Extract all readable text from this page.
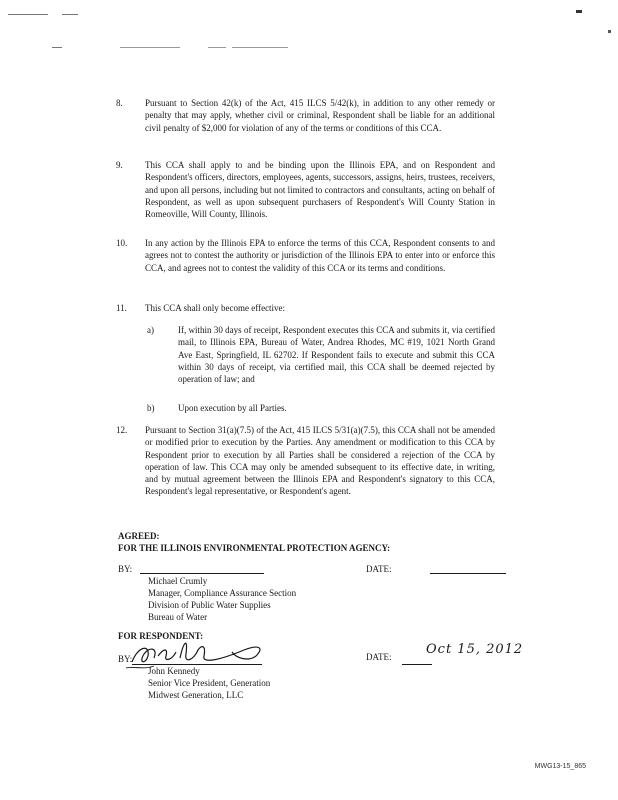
8. Pursuant to Section 42(k) of the Act, 415 ILCS 5/42(k), in addition to any other remedy or penalty that may apply, whether civil or criminal, Respondent shall be liable for an additional civil penalty of $2,000 for violation of any of the terms or conditions of this CCA.

9. This CCA shall apply to and be binding upon the Illinois EPA, and on Respondent and Respondent's officers, directors, employees, agents, successors, assigns, heirs, trustees, receivers, and upon all persons, including but not limited to contractors and consultants, acting on behalf of Respondent, as well as upon subsequent purchasers of Respondent's Will County Station in Romeoville, Will County, Illinois.

10. In any action by the Illinois EPA to enforce the terms of this CCA, Respondent consents to and agrees not to contest the authority or jurisdiction of the Illinois EPA to enter into or enforce this CCA, and agrees not to contest the validity of this CCA or its terms and conditions.

11. This CCA shall only become effective:

a)	If, within 30 days of receipt, Respondent executes this CCA and submits it, via certified mail, to Illinois EPA, Bureau of Water, Andrea Rhodes, MC #19, 1021 North Grand Ave East, Springfield, IL 62702. If Respondent fails to execute and submit this CCA within 30 days of receipt, via certified mail, this CCA shall be deemed rejected by operation of law; and

b)	Upon execution by all Parties.

12. Pursuant to Section 31(a)(7.5) of the Act, 415 ILCS 5/31(a)(7.5), this CCA shall not be amended or modified prior to execution by the Parties. Any amendment or modification to this CCA by Respondent prior to execution by all Parties shall be considered a rejection of the CCA by operation of law. This CCA may only be amended subsequent to its effective date, in writing, and by mutual agreement between the Illinois EPA and Respondent's signatory to this CCA, Respondent's legal representative, or Respondent's agent.

AGREED:
FOR THE ILLINOIS ENVIRONMENTAL PROTECTION AGENCY:
BY:	DATE:
Michael Crumly
Manager, Compliance Assurance Section
Division of Public Water Supplies
Bureau of Water
FOR RESPONDENT:
BY:	DATE:	Oct 15, 2012
John Kennedy
Senior Vice President, Generation
Midwest Generation, LLC
MWG13-15_865
